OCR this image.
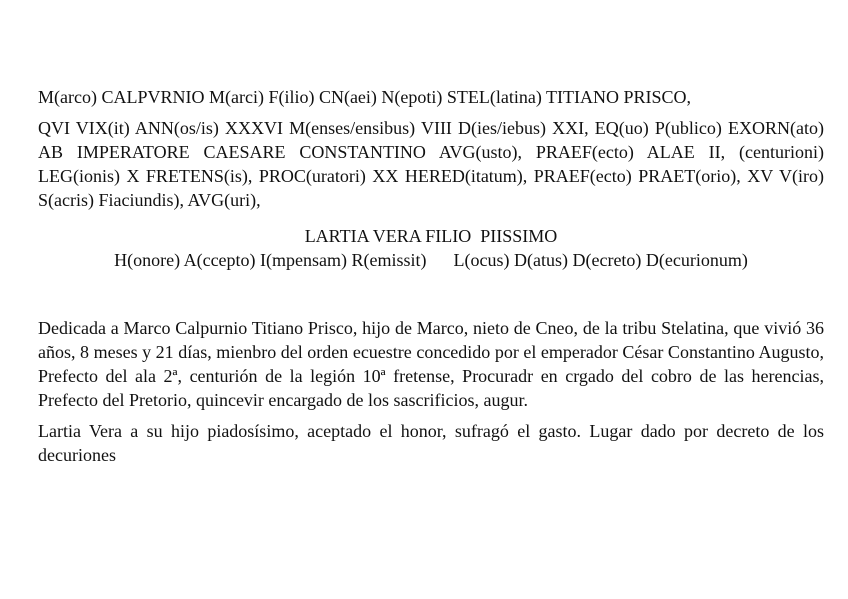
M(arco) CALPVRNIO M(arci) F(ilio) CN(aei) N(epoti) STEL(latina) TITIANO PRISCO,

QVI VIX(it) ANN(os/is) XXXVI M(enses/ensibus) VIII D(ies/iebus) XXI, EQ(uo) P(ublico) EXORN(ato) AB IMPERATORE CAESARE CONSTANTINO AVG(usto), PRAEF(ecto) ALAE II, (centurioni) LEG(ionis) X FRETENS(is), PROC(uratori) XX HERED(itatum), PRAEF(ecto) PRAET(orio), XV V(iro) S(acris) Fiaciundis), AVG(uri),

LARTIA VERA FILIO  PIISSIMO

H(onore) A(ccepto) I(mpensam) R(emissit) L(ocus) D(atus) D(ecreto) D(ecurionum)

Dedicada a Marco Calpurnio Titiano Prisco, hijo de Marco, nieto de Cneo, de la tribu Stelatina, que vivió 36 años, 8 meses y 21 días, mienbro del orden ecuestre concedido por el emperador César Constantino Augusto, Prefecto del ala 2ª, centurión de la legión 10ª fretense, Procuradr en crgado del cobro de las herencias, Prefecto del Pretorio, quincevir encargado de los sascrificios, augur.

Lartia Vera a su hijo piadosísimo, aceptado el honor, sufragó el gasto. Lugar dado por decreto de los decuriones
